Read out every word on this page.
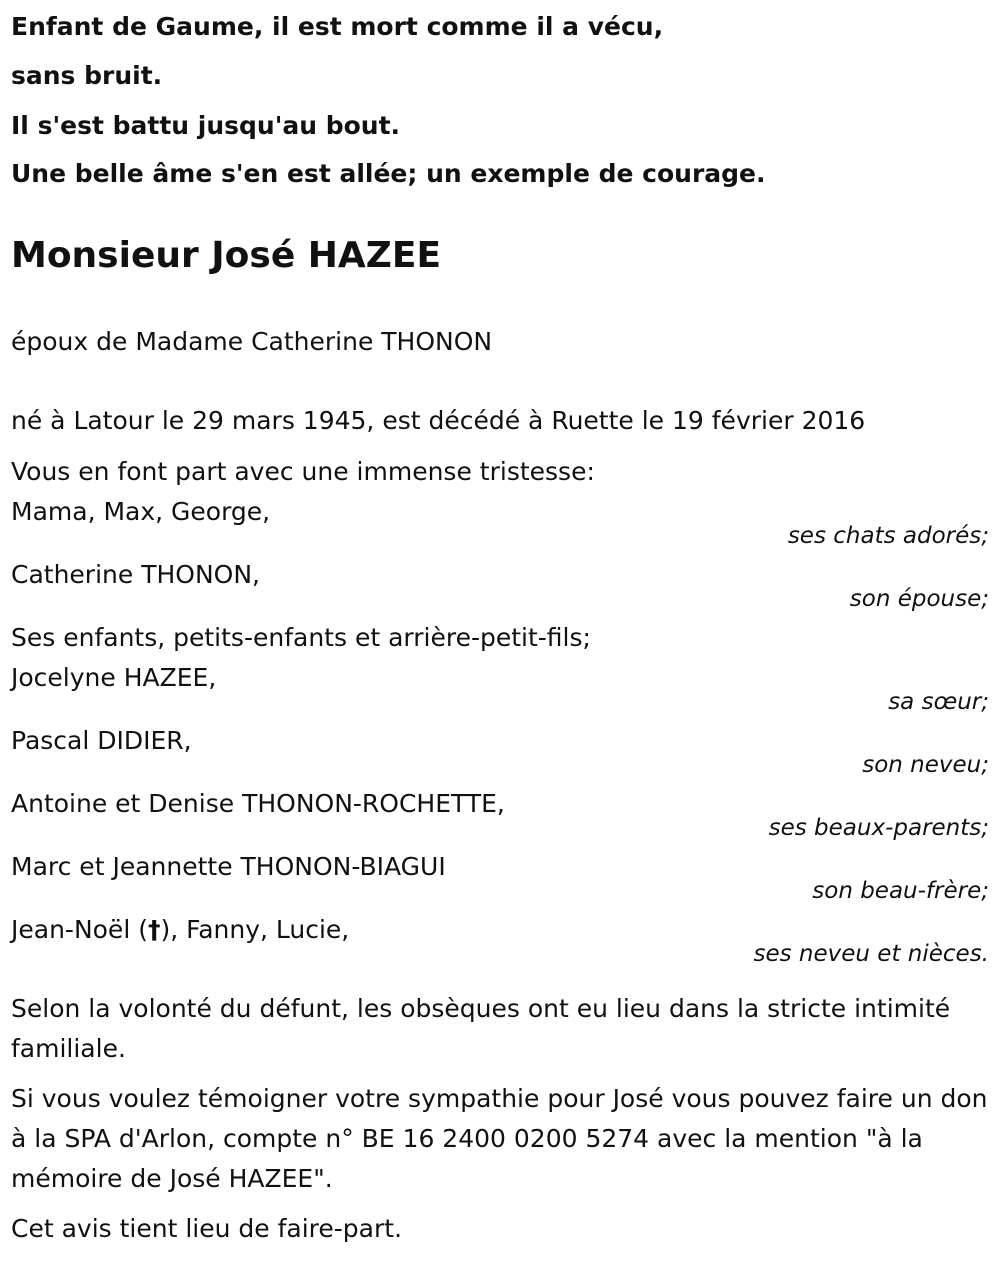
Enfant de Gaume, il est mort comme il a vécu,
sans bruit.
Il s'est battu jusqu'au bout.
Une belle âme s'en est allée; un exemple de courage.
Monsieur José HAZEE
époux de Madame Catherine THONON
né à Latour le 29 mars 1945, est décédé à Ruette le 19 février 2016
Vous en font part avec une immense tristesse:
Mama, Max, George,
ses chats adorés;
Catherine THONON,
son épouse;
Ses enfants, petits-enfants et arrière-petit-fils;
Jocelyne HAZEE,
sa sœur;
Pascal DIDIER,
son neveu;
Antoine et Denise THONON-ROCHETTE,
ses beaux-parents;
Marc et Jeannette THONON-BIAGUI
son beau-frère;
Jean-Noël (†), Fanny, Lucie,
ses neveu et nièces.
Selon la volonté du défunt, les obsèques ont eu lieu dans la stricte intimité familiale.
Si vous voulez témoigner votre sympathie pour José vous pouvez faire un don à la SPA d'Arlon, compte n° BE 16 2400 0200 5274 avec la mention "à la mémoire de José HAZEE".
Cet avis tient lieu de faire-part.
